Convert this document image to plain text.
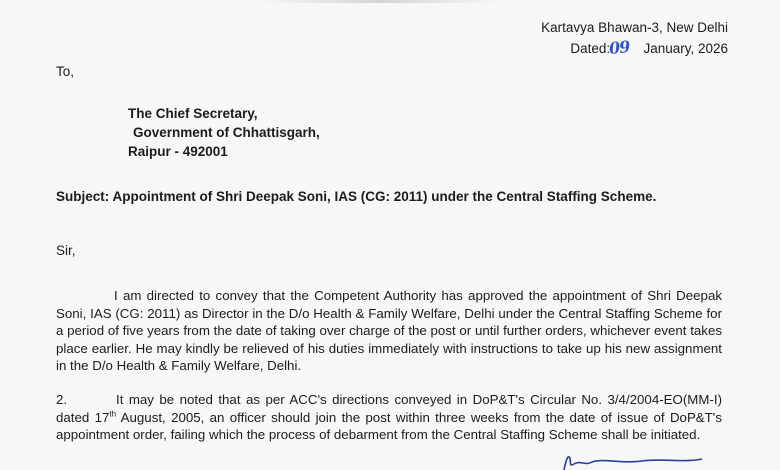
Kartavya Bhawan-3, New Delhi
Dated:09 January, 2026
To,
The Chief Secretary,
Government of Chhattisgarh,
Raipur - 492001
Subject: Appointment of Shri Deepak Soni, IAS (CG: 2011) under the Central Staffing Scheme.
Sir,
I am directed to convey that the Competent Authority has approved the appointment of Shri Deepak Soni, IAS (CG: 2011) as Director in the D/o Health & Family Welfare, Delhi under the Central Staffing Scheme for a period of five years from the date of taking over charge of the post or until further orders, whichever event takes place earlier. He may kindly be relieved of his duties immediately with instructions to take up his new assignment in the D/o Health & Family Welfare, Delhi.
2.	It may be noted that as per ACC's directions conveyed in DoP&T's Circular No. 3/4/2004-EO(MM-I) dated 17th August, 2005, an officer should join the post within three weeks from the date of issue of DoP&T's appointment order, failing which the process of debarment from the Central Staffing Scheme shall be initiated.
